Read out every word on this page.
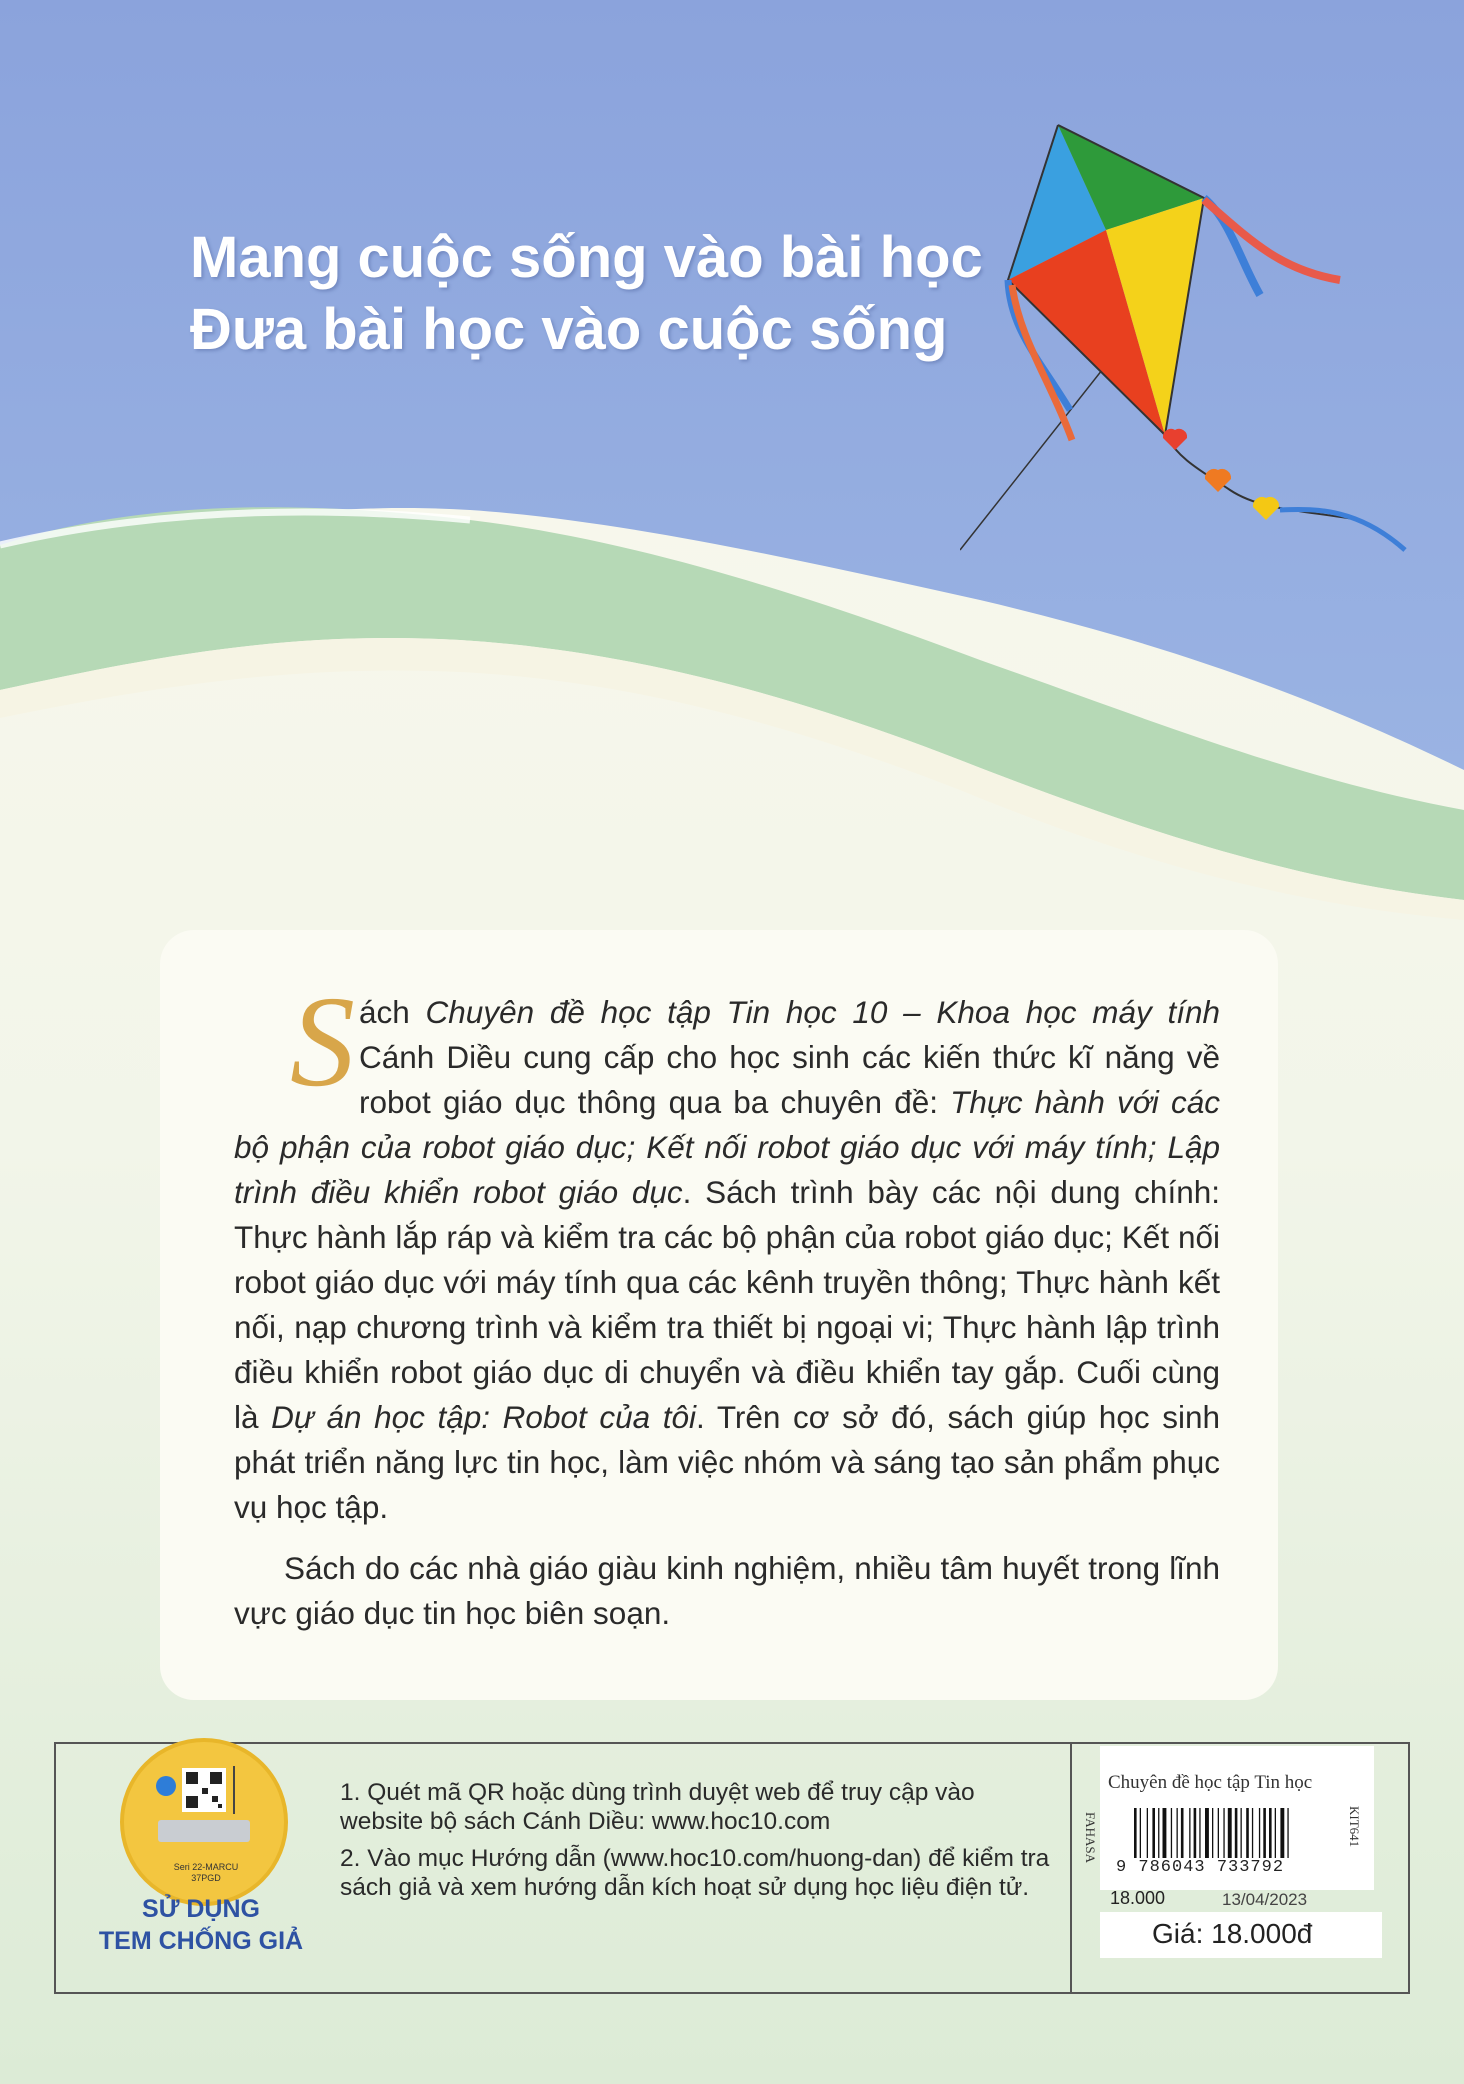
Mang cuộc sống vào bài học
Đưa bài học vào cuộc sống

S ách Chuyên đề học tập Tin học 10 – Khoa học máy tính Cánh Diều cung cấp cho học sinh các kiến thức kĩ năng về robot giáo dục thông qua ba chuyên đề: Thực hành với các bộ phận của robot giáo dục; Kết nối robot giáo dục với máy tính; Lập trình điều khiển robot giáo dục. Sách trình bày các nội dung chính: Thực hành lắp ráp và kiểm tra các bộ phận của robot giáo dục; Kết nối robot giáo dục với máy tính qua các kênh truyền thông; Thực hành kết nối, nạp chương trình và kiểm tra thiết bị ngoại vi; Thực hành lập trình điều khiển robot giáo dục di chuyển và điều khiển tay gắp. Cuối cùng là Dự án học tập: Robot của tôi. Trên cơ sở đó, sách giúp học sinh phát triển năng lực tin học, làm việc nhóm và sáng tạo sản phẩm phục vụ học tập.

Sách do các nhà giáo giàu kinh nghiệm, nhiều tâm huyết trong lĩnh vực giáo dục tin học biên soạn.

Seri 22-MARCU 37PGD
SỬ DỤNG
TEM CHỐNG GIẢ

1. Quét mã QR hoặc dùng trình duyệt web để truy cập vào website bộ sách Cánh Diều: www.hoc10.com

2. Vào mục Hướng dẫn (www.hoc10.com/huong-dan) để kiểm tra sách giả và xem hướng dẫn kích hoạt sử dụng học liệu điện tử.

Chuyên đề học tập Tin học
FAHASA	KIT641
9 786043 733792
18.000	13/04/2023
Giá: 18.000đ
